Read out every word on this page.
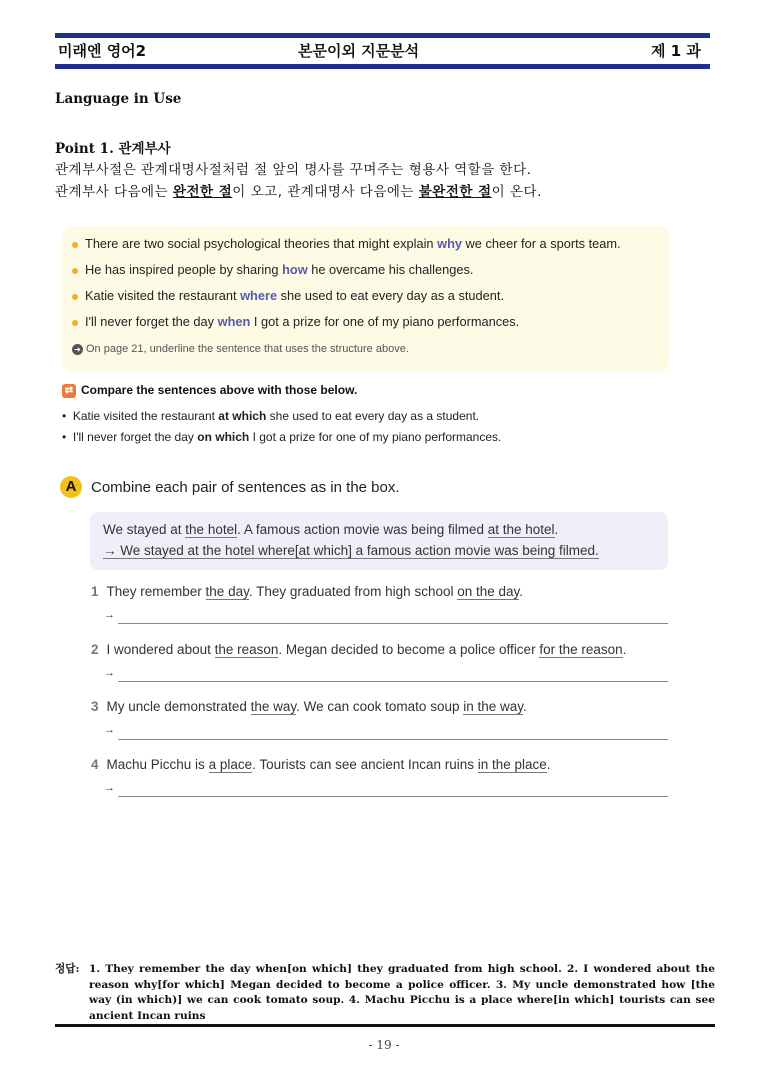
미래엔 영어2	본문이외 지문분석	제 1 과
Language in Use
Point 1. 관계부사
관계부사절은 관계대명사절처럼 절 앞의 명사를 꾸며주는 형용사 역할을 한다.
관계부사 다음에는 완전한 절이 오고, 관계대명사 다음에는 불완전한 절이 온다.
There are two social psychological theories that might explain why we cheer for a sports team.
He has inspired people by sharing how he overcame his challenges.
Katie visited the restaurant where she used to eat every day as a student.
I'll never forget the day when I got a prize for one of my piano performances.
➜ On page 21, underline the sentence that uses the structure above.
⇄ Compare the sentences above with those below.
•  Katie visited the restaurant at which she used to eat every day as a student.
•  I'll never forget the day on which I got a prize for one of my piano performances.
A Combine each pair of sentences as in the box.
We stayed at the hotel. A famous action movie was being filmed at the hotel.
→ We stayed at the hotel where[at which] a famous action movie was being filmed.
1 They remember the day. They graduated from high school on the day.
→
2 I wondered about the reason. Megan decided to become a police officer for the reason.
→
3 My uncle demonstrated the way. We can cook tomato soup in the way.
→
4 Machu Picchu is a place. Tourists can see ancient Incan ruins in the place.
→
정답: 1. They remember the day when[on which] they graduated from high school. 2. I wondered about the reason why[for which] Megan decided to become a police officer. 3. My uncle demonstrated how [the way (in which)] we can cook tomato soup. 4. Machu Picchu is a place where[in which] tourists can see ancient Incan ruins
- 19 -
